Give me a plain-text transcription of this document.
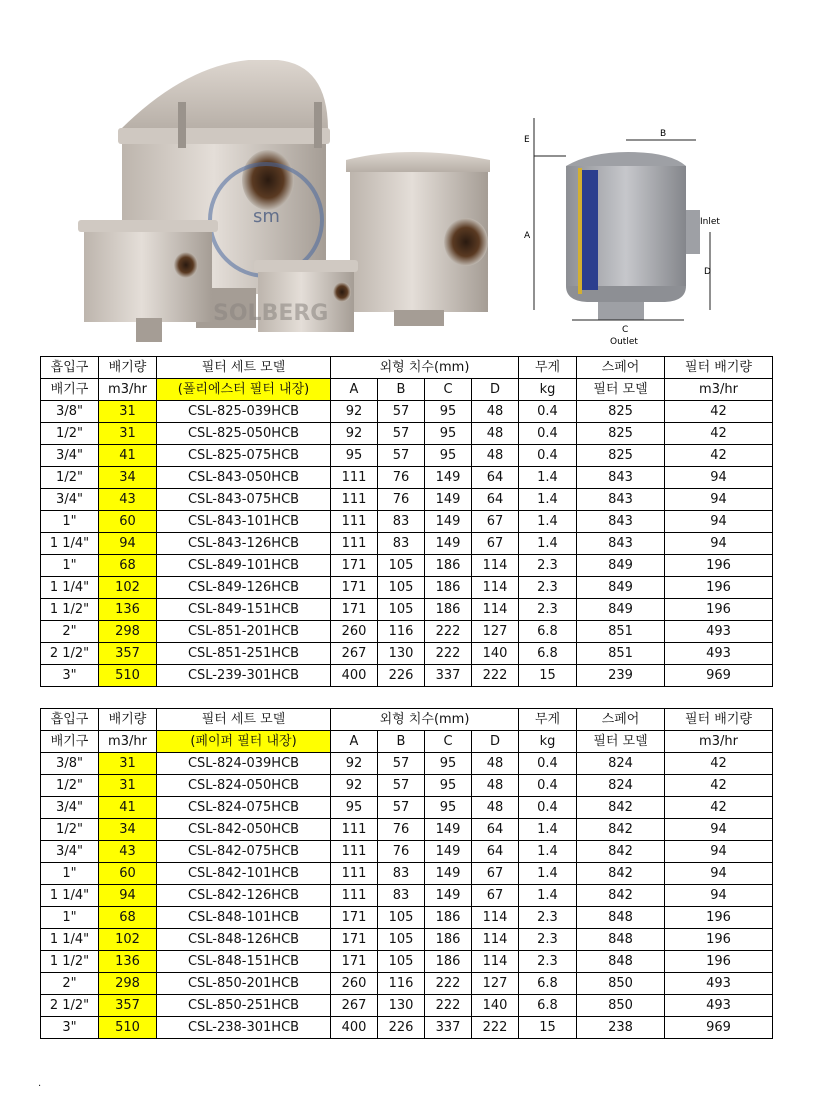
sm
SOLBERG
E
A
B
D
C
Inlet
Outlet
흡입구	배기량	필터 세트 모델	외형 치수(mm)				무게	스페어	필터 배기량
배기구	m3/hr	(폴리에스터 필터 내장)	A	B	C	D	kg	필터 모델	m3/hr
3/8"	31	CSL-825-039HCB	92	57	95	48	0.4	825	42
1/2"	31	CSL-825-050HCB	92	57	95	48	0.4	825	42
3/4"	41	CSL-825-075HCB	95	57	95	48	0.4	825	42
1/2"	34	CSL-843-050HCB	111	76	149	64	1.4	843	94
3/4"	43	CSL-843-075HCB	111	76	149	64	1.4	843	94
1"	60	CSL-843-101HCB	111	83	149	67	1.4	843	94
1 1/4"	94	CSL-843-126HCB	111	83	149	67	1.4	843	94
1"	68	CSL-849-101HCB	171	105	186	114	2.3	849	196
1 1/4"	102	CSL-849-126HCB	171	105	186	114	2.3	849	196
1 1/2"	136	CSL-849-151HCB	171	105	186	114	2.3	849	196
2"	298	CSL-851-201HCB	260	116	222	127	6.8	851	493
2 1/2"	357	CSL-851-251HCB	267	130	222	140	6.8	851	493
3"	510	CSL-239-301HCB	400	226	337	222	15	239	969
흡입구	배기량	필터 세트 모델	외형 치수(mm)				무게	스페어	필터 배기량
배기구	m3/hr	(페이퍼 필터 내장)	A	B	C	D	kg	필터 모델	m3/hr
3/8"	31	CSL-824-039HCB	92	57	95	48	0.4	824	42
1/2"	31	CSL-824-050HCB	92	57	95	48	0.4	824	42
3/4"	41	CSL-824-075HCB	95	57	95	48	0.4	842	42
1/2"	34	CSL-842-050HCB	111	76	149	64	1.4	842	94
3/4"	43	CSL-842-075HCB	111	76	149	64	1.4	842	94
1"	60	CSL-842-101HCB	111	83	149	67	1.4	842	94
1 1/4"	94	CSL-842-126HCB	111	83	149	67	1.4	842	94
1"	68	CSL-848-101HCB	171	105	186	114	2.3	848	196
1 1/4"	102	CSL-848-126HCB	171	105	186	114	2.3	848	196
1 1/2"	136	CSL-848-151HCB	171	105	186	114	2.3	848	196
2"	298	CSL-850-201HCB	260	116	222	127	6.8	850	493
2 1/2"	357	CSL-850-251HCB	267	130	222	140	6.8	850	493
3"	510	CSL-238-301HCB	400	226	337	222	15	238	969
.
